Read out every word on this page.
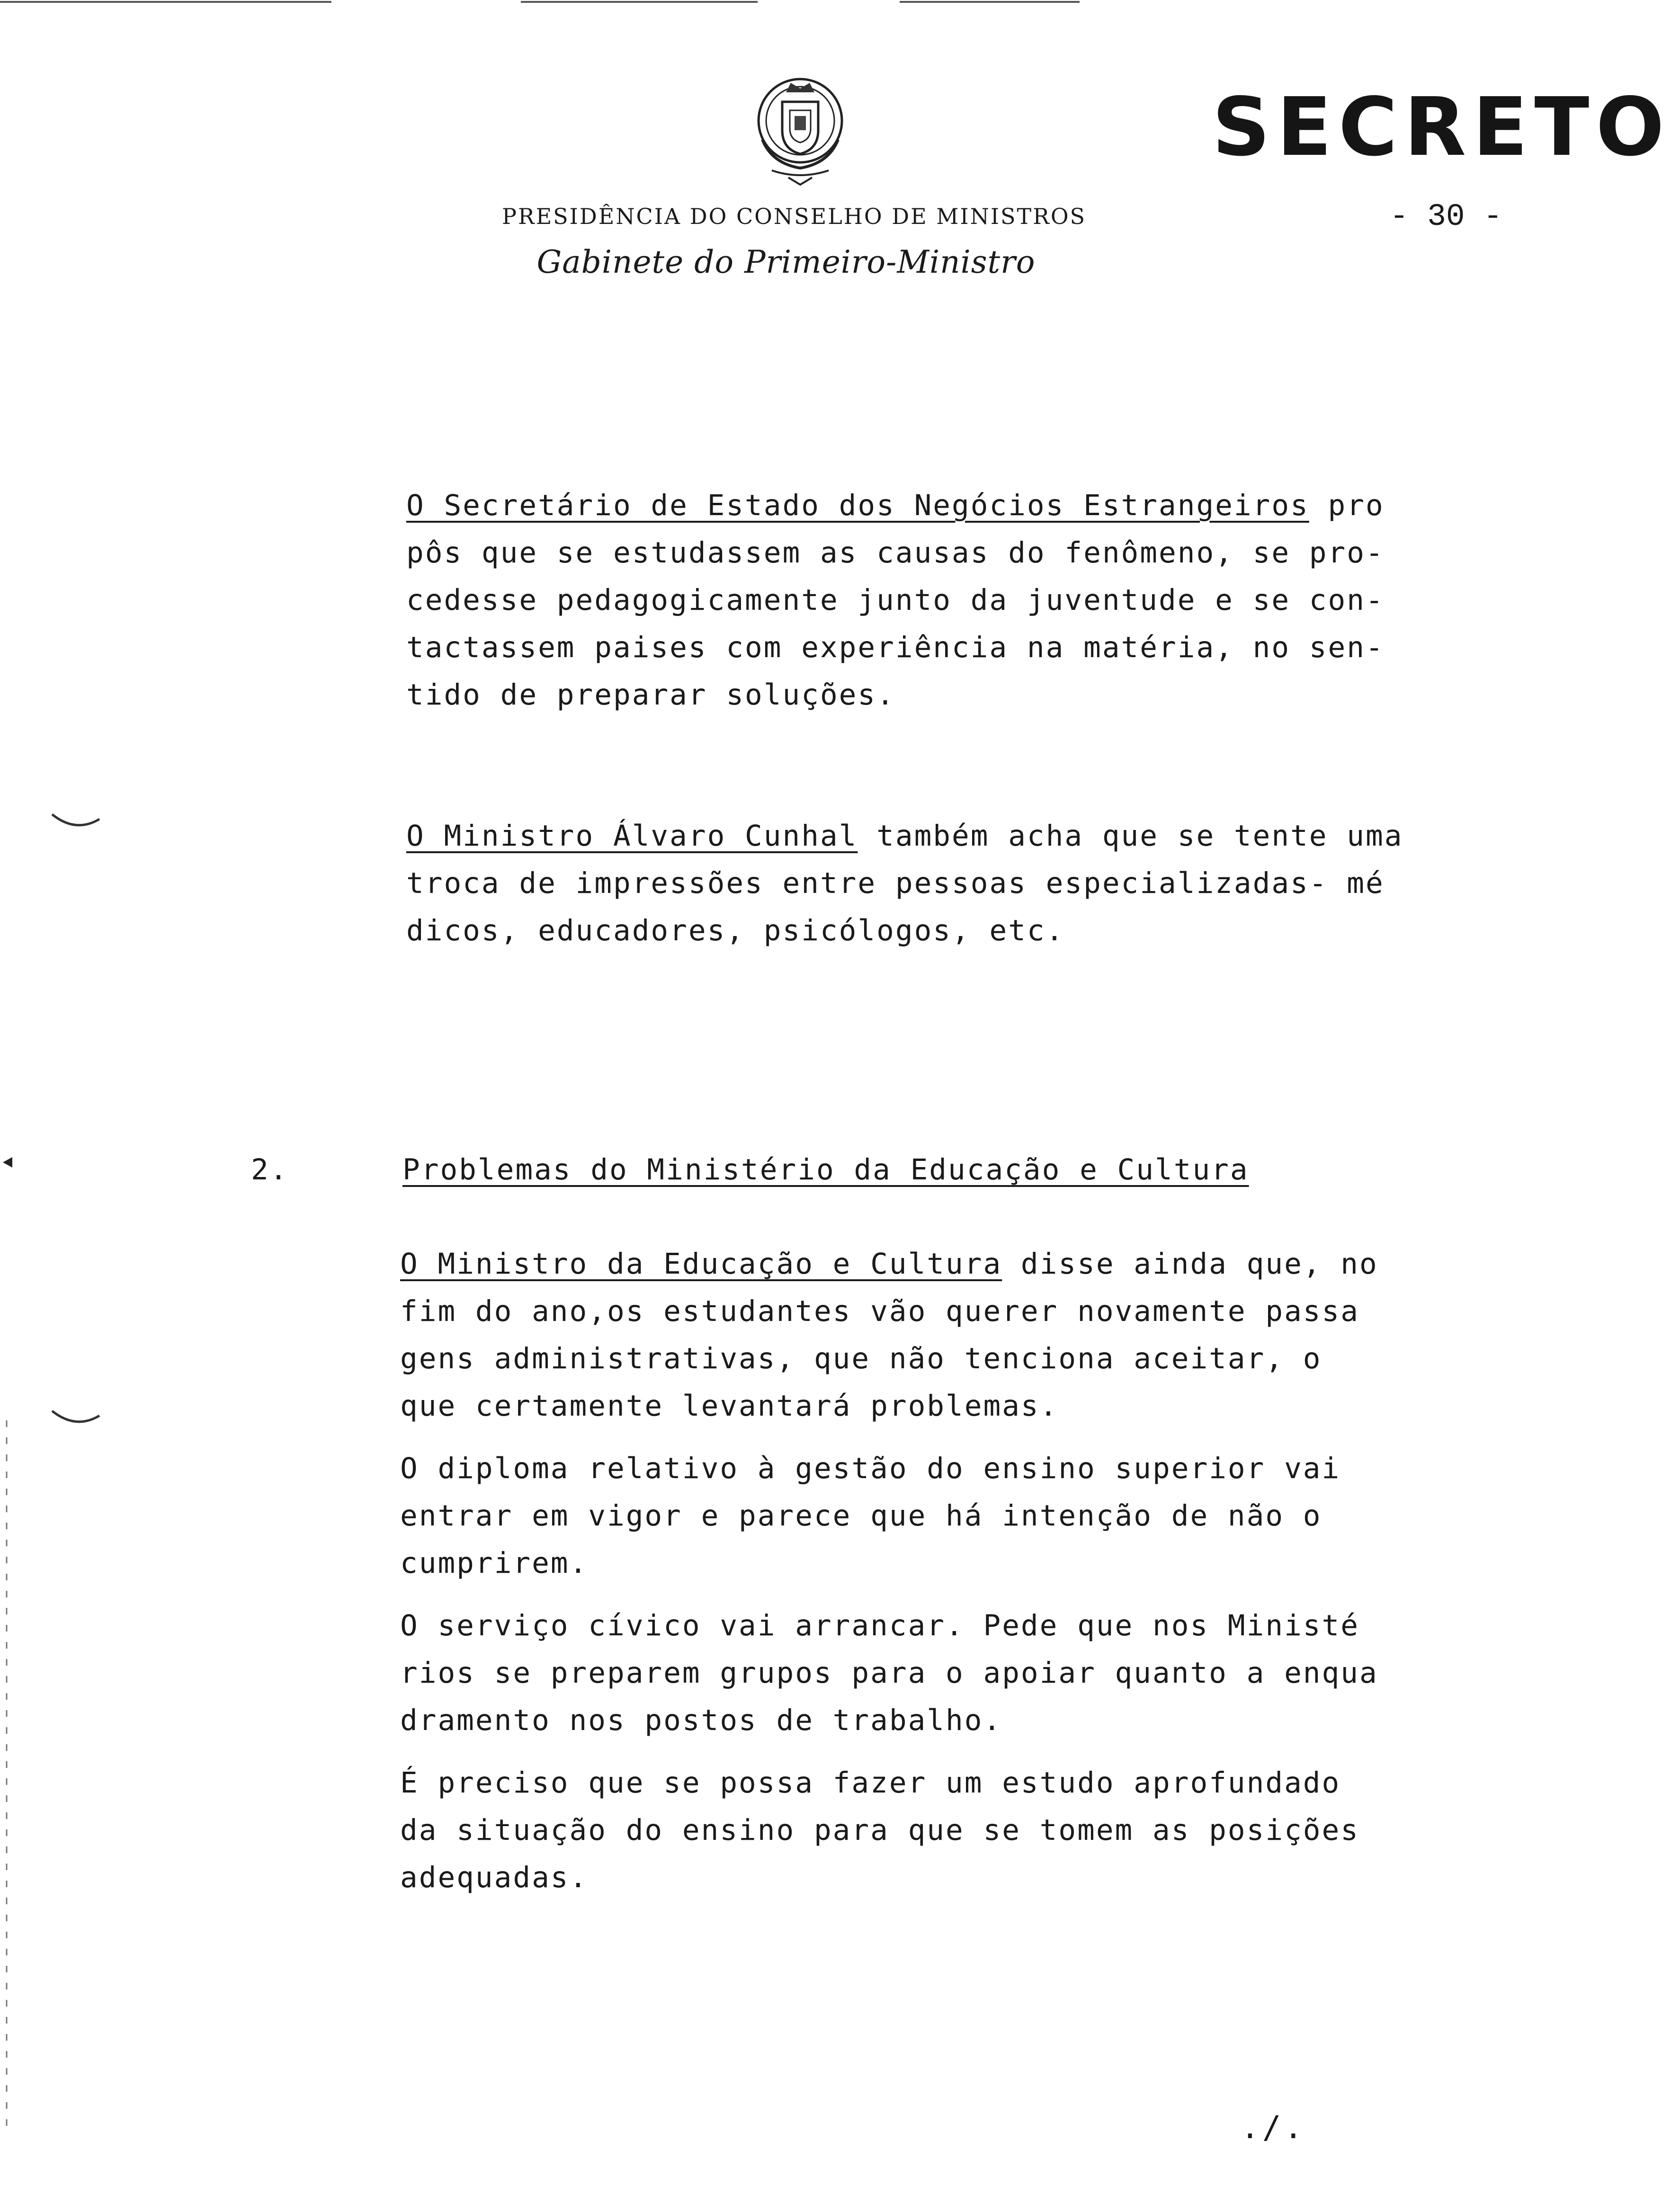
SECRETO
PRESIDÊNCIA DO CONSELHO DE MINISTROS
Gabinete do Primeiro-Ministro
- 30 -
O Secretário de Estado dos Negócios Estrangeiros pro
pôs que se estudassem as causas do fenômeno, se pro-
cedesse pedagogicamente junto da juventude e se con-
tactassem paises com experiência na matéria, no sen-
tido de preparar soluções.
O Ministro Álvaro Cunhal também acha que se tente uma
troca de impressões entre pessoas especializadas- mé
dicos, educadores, psicólogos, etc.
2.	Problemas do Ministério da Educação e Cultura
O Ministro da Educação e Cultura disse ainda que, no
fim do ano,os estudantes vão querer novamente passa
gens administrativas, que não tenciona aceitar, o
que certamente levantará problemas.
O diploma relativo à gestão do ensino superior vai
entrar em vigor e parece que há intenção de não o
cumprirem.
O serviço cívico vai arrancar. Pede que nos Ministé
rios se preparem grupos para o apoiar quanto a enqua
dramento nos postos de trabalho.
É preciso que se possa fazer um estudo aprofundado
da situação do ensino para que se tomem as posições
adequadas.
./.
